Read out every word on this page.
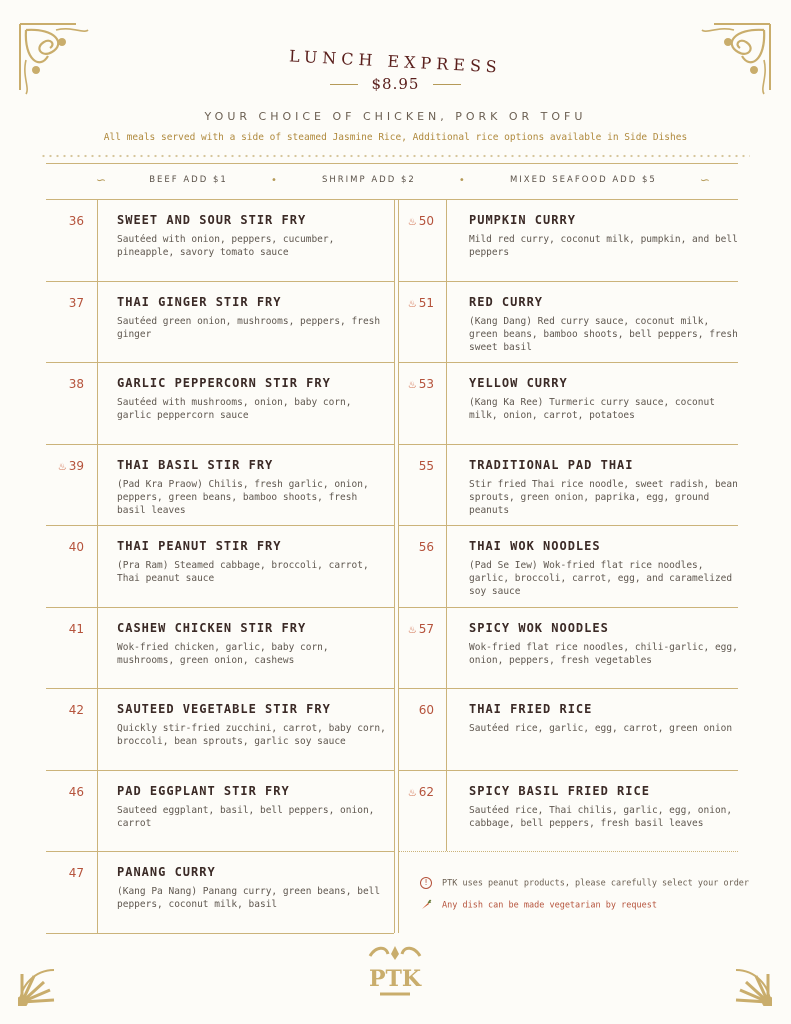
LUNCH EXPRESS
$8.95
YOUR CHOICE OF CHICKEN, PORK OR TOFU
All meals served with a side of steamed Jasmine Rice, Additional rice options available in Side Dishes
∽	BEEF ADD $1	•	SHRIMP ADD $2	•	MIXED SEAFOOD ADD $5	∽
36	SWEET AND SOUR STIR FRY
Sautéed with onion, peppers, cucumber, pineapple, savory tomato sauce
37	THAI GINGER STIR FRY
Sautéed green onion, mushrooms, peppers, fresh ginger
38	GARLIC PEPPERCORN STIR FRY
Sautéed with mushrooms, onion, baby corn, garlic peppercorn sauce
♨ 39	THAI BASIL STIR FRY
(Pad Kra Praow) Chilis, fresh garlic, onion, peppers, green beans, bamboo shoots, fresh basil leaves
40	THAI PEANUT STIR FRY
(Pra Ram) Steamed cabbage, broccoli, carrot, Thai peanut sauce
41	CASHEW CHICKEN STIR FRY
Wok-fried chicken, garlic, baby corn, mushrooms, green onion, cashews
42	SAUTEED VEGETABLE STIR FRY
Quickly stir-fried zucchini, carrot, baby corn, broccoli, bean sprouts, garlic soy sauce
46	PAD EGGPLANT STIR FRY
Sauteed eggplant, basil, bell peppers, onion, carrot
47	PANANG CURRY
(Kang Pa Nang) Panang curry, green beans, bell peppers, coconut milk, basil
♨ 50	PUMPKIN CURRY
Mild red curry, coconut milk, pumpkin, and bell peppers
♨ 51	RED CURRY
(Kang Dang) Red curry sauce, coconut milk, green beans, bamboo shoots, bell peppers, fresh sweet basil
♨ 53	YELLOW CURRY
(Kang Ka Ree) Turmeric curry sauce, coconut milk, onion, carrot, potatoes
55	TRADITIONAL PAD THAI
Stir fried Thai rice noodle, sweet radish, bean sprouts, green onion, paprika, egg, ground peanuts
56	THAI WOK NOODLES
(Pad Se Iew) Wok-fried flat rice noodles, garlic, broccoli, carrot, egg, and caramelized soy sauce
♨ 57	SPICY WOK NOODLES
Wok-fried flat rice noodles, chili-garlic, egg, onion, peppers, fresh vegetables
60	THAI FRIED RICE
Sautéed rice, garlic, egg, carrot, green onion
♨ 62	SPICY BASIL FRIED RICE
Sautéed rice, Thai chilis, garlic, egg, onion, cabbage, bell peppers, fresh basil leaves
! PTK uses peanut products, please carefully select your order
Any dish can be made vegetarian by request
PTK
